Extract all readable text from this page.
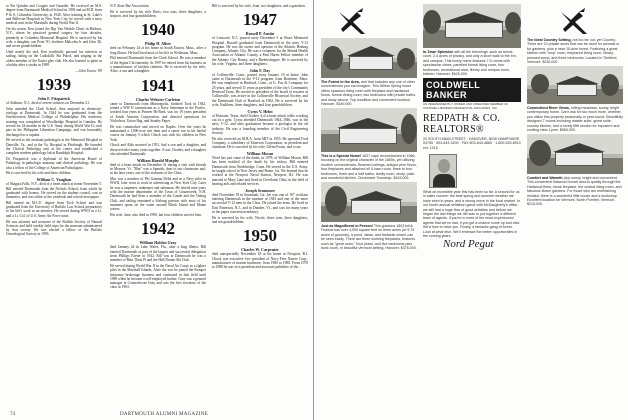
to Pat Quinlan and Cosgate and Gaundet. He received an M.S. degree from Dartmouth Medical School in 1938 and an M.D. from P & S, Columbia University, in 1940. After training at St. Luke's and Bellevue Hospitals in New York City, he served with a navy medical unit in the Marshalls during World War II.

On his return, Ken joined the Rip Van Winkle Clinic in Hudson, N.Y., where he practiced general surgery for four decades, primarily at Columbia Memorial Hospital. He is survived by his wife, a daughter, son Peter '81, brothers Malcolm Jr. and John '46, and seven grandchildren.

Until nearly the end, Ken youthfully pursued his interests in sailing, skiing on the Catkskills' Ski Patrol, and singing as the oldest member of the Easter glee club. He also learned to paint as a hobby after a stroke in 1988.

—John Tourne '89

1939
John F. Fitzpatrick

of Ashburn, N.J., died of severe sickness on December 21.

John attended the Clark School, then majored in chemistry-zoology at Dartmouth. In 1944 he was graduated from the Northwestern Medical College of Philadelphia. His residency training was completed at Woodbridge Hospital in Camden. He served for 24 months in the U.S. Army during World War II, took part in the Philippine Liberation Campaign, and was honorably discharged as a captain.

He served as the assistant pathologist at the Memorial Hospital in Danville, Va., and at the Va. Hospital in Pittsburgh. He founded the Clinical Pathology unit at the center and established a complete modern pathology lab at Randolph Hospital.

Dr. Fitzpatrick was a diplomat of the American Board of Pathology in pathologic anatomy and clinical pathology. He was also a fellow of the College of American Pathologists.

He is survived by his wife and three children.

William C. Vaughan

of Niagara Falls, N.Y., died of a heart attack at home November 5. Bill entered Dartmouth from the Nichols School, from which he graduated with honors. He served on the student council, was in dramatics, and was editor of the yearbook and school newspaper.

Bill earned an M.C.E. degree from Tuck School and was graduated from the University of Buffalo Law School preparatory to his life's work as an attorney. He served during WWII as a Lt. and a Lt. Col. of U.S. Army Air Force units.

He was attorney and treasurer of the Buffalo Society of Natural Sciences and held weekly field trips for the museum administered by that society. He was elected a fellow of the Buffalo Genealogical Society in 1993.

N.Y. State Bar Association.

He is survived by his wife Doris, two sons, three daughters, a stepson, and four grandchildren.

1940
Philip H. Albee

died on February 24 at his home in South Easton, Mass., after a long illness. He had lived most of his life in Wollaston, Mass.

Phil entered Dartmouth from the Clark School. He was a member of the Sigma Chi fraternity. In 1997 he retired from his business as a manufacturer of kitchen cabinets. He is survived by his wife, Alice, a son and a daughter.

1941
Charles Webster Carleton

came to Dartmouth from Minneapolis, finished Tuck in 1942, joined a WW II commission as a Navy lieutenant in the Pacific, worked four years at Pioneer Hi-Bred, was for 19 years president of South Ansonia Corporation, and directed operations for Nicholson, Union Bag, and Stanley Paper.

He was commodore and served on Naples. Over the years he maintained a 1,000-acre tree farm and a canoe run in his fateful course on January 5 which Chuck was with his children in New York.

Chuck and Aldo married in 1951, had a son and a daughter, and divorced after many years together. A son, Charles, and a daughter also attended Dartmouth.

William Harold Murphy

died of a heart attack on December 31 during a visit with friends in Monroe, Vt. "Mur" was a Spanish, dear to our classmates and, in his later years, one of the stalwarts of the Class.

Mur was a member of Phi Gamma Delta and as a Navy pilot in WWII, later went to work in advertising in New York City. Later he was a carpenter, innkeeper and salesman. He retired nine years with the marine department of the Town of Gouzecreek, N.H. Dartmouth he had been a member of the Cantle and the Outing Club, and sailing remained a lifelong passion with most of his summers spent on the water around Block Island and Maine waters.

His wife, Jane, also died in 1990, but four children survive him.

1942
William Holden Gray

died January 24 in Lake Wales, Fla., after a long illness. Bill entered Dartmouth as part of the largest and successful delegation from Phillips Exeter in 1942. Bill was at Dartmouth he was a member of Beta Theta Pi and the Hall Dream Ski Club.

He served during World War II in the Naval Air Corps as a fighter pilot in the Marshall Islands. After the war he joined the Kemper insurance brokerage business and continued in that field until 1989 when he became a self-employed broker. Gray was a general manager at Cosmolecom Gray and was the first secretary of the class in 1963.

Bill is survived by his wife, Joan, two daughters, and a grandson.

1947
Russell P. Austin

of Linwood, N.J., passed away December 5 at Shore Memorial Hospital. Russell graduated from Dartmouth in the navy V-12 program. He was the owner and operator of the Atlantic Heating Company, Atlantic City. He was a volunteer for the Mental Health Association of Atlantic County, a Paul Harris Fellow member of the Atlantic City Rotary, and a Barbershopper. He is survived by his wife, Virginia, and three daughters.

John F. Day

of Collinsville, Conn., passed away January 19 at home. John came to Dartmouth in the V-12 program, from Braintree, Mass. He was employed in Hartford, Conn., at G. Fox & Company for 25 years, and served 11 years as president of the city's Community Renewal Team. He served as president of the board of trustees at Collinsville, was active in the Collinsville Historical Society, and the Dartmouth Club of Hartford in 1962. He is survived by his wife, Kathleen, three daughters, and four grandchildren.

Cyrus V. Helm

of Houston, Texas, died October 4 of a heart attack while working out in a gym. Cyrus attended Dartmouth 1944–1946, was in the navy V-12, and after graduation became a geologist in the oil industry. He was a founding member of the Civil Engineering Society.

He also received an M.B.A. from MIT in 1955. He operated Ford Company, a subsidiary of Emerson Corporation, as president and chairman. He is survived by his wife, Glenn Evans, and a son.

William Moran

Word has just come of the death, in 1979, of William Moran, Bill has been notified of the death by his widow. Bill entered Dartmouth from Northbridge, Conn. He served in the U.S. Army, he taught school in New Jersey and Rome, Ga. We learned that he worked at the Newport Naval Station, Newport, R.I. He was married to Mary Lane and lived in Cleveland, Ohio, in the field of hearing aids and related services.

Joseph Seamoure

died November 19 in Savannah, Ga. Joe was one of 107 civilians entering Dartmouth in the summer of 1943 and one of the more successful V-12 men in the Class. He joined the arms. He lived in East Patterson, N.J., and in Dundee, Vt., and was for many years in the paper conversion industry.

He is survived by his wife, Nicole, three sons, three daughters, and ten grandchildren.

1950
Charles W. Carpenter

died unexpectedly November 18 at his home in Newport, R.I. Chuck was executive vice president of Navy Fees Nawee Corp., manufacturer of marine hardware, from 1980 to 1988. From 1970 to 1988 he was vice president and associate publisher of the...

74	DARTMOUTH ALUMNI MAGAZINE

The Forest in the Area, and that includes any one of other conveniences you can imagine. This Wilton Spring home offers spacious living room with fireplace and hardwood floors, formal dining room, two bedrooms with private baths, and study alcove. Top condition and convenient location. Hanover. $349,000.

This is a Special Home! 1827 cape reconstructed in 1966, focusing on the original character of the 1800s, yet utilizing modern conveniences. Beamed ceilings, antique pine floors, four fireplaces and attached ell & barn room, three to four bedrooms, three and a half baths, family room, study, patio and wonderful kitchen. Dorchester Township. $415,000.

Just as Magnificent in Person! This gracious 1803 brick Federal has over 4,000 square feet on three acres (or 9.75 acres of grounds), a pond, views, and fantastic charm can be seen easily. There are three working fireplaces, features such as "great room," floor plans, and five bedrooms plus bunk room, in beautiful Vermont setting. Hanover. $375,000.

In-Town Splendor with all the trimmings, such as tennis court, 2.4 acres of privacy, and only a short walk to the Inn, and campus. This lovely home features 7.5 rooms with spectacular views, panelled formal living room, four bedrooms, recreational area, library and rumpus room, kitchen. Hanover. $625,000.

COLDWELL BANKER
AN INDEPENDENTLY OWNED AND OPERATED MEMBER OF COLDWELL BANKER RESIDENTIAL AFFILIATES, INC.
REDPATH & CO.
REALTORS®
20 SOUTH MAIN STREET · HANOVER, NEW HAMPSHIRE 03755 · 603-643-3200 · FAX 603-643-4880 · 1-800-525-8010 ext. 1015

What an incredible year this has been so far. A second for us in sales volume: the best spring and summer weather we have seen in years, and a strong move in the local market. In our fourth annual sellathon game with McDaugherty's office, we still had a huge flow of good activities and before we began the last things we did was to put together a different team of agents. If you're in need of the most experienced agents that we've had, if you get a chance come up and visit. We'd love to have you. Finally, a fantastic gang of forest. Look at what else. We'll embrace the better opportunities in the coming years.

Nord Pegut

The Ideal Country Setting, not too far out, yet Country. There are 10 private acres that can be used for animals or for gardens, plus a near 10-acre forest. Featuring a great kitchen with "loop" room, fireplaced living room, library, pressed wood, and three bedrooms. Located in Thetford, Vermont. $230,000.

Connecticut River Views, rolling meadows, sunny, bright contemporary home. Can't ask for too much more, whether you utilize this property seasonally or year-round. Beautifully designed 7 rooms including master suite, guest suite, country kitchen, and a lovely fifth section for exposure and exciting view. Lyme. $565,000.

Comfort and Warmth plus sunny, bright and convenient. This convenient flatwood Dorset area is quality through the Hartwood fines, stone fireplace, the central living room, and fabulous flower gardens. For those who are entertaining minded, there is a wonderful little house and a workshop. Excellent location for Vermont. North Pomfret, Vermont. $215,000.
